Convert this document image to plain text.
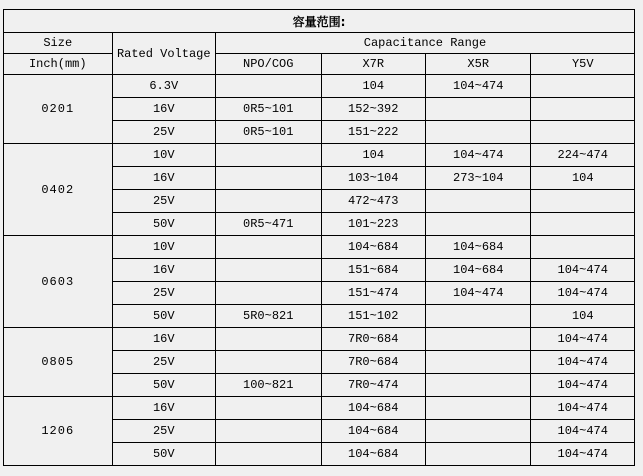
容量范围:					
Size	Rated Voltage	Capacitance Range			
Inch(mm)		NPO/COG	X7R	X5R	Y5V
0201	6.3V		104	104~474	
	16V	0R5~101	152~392		
	25V	0R5~101	151~222		
0402	10V		104	104~474	224~474
	16V		103~104	273~104	104
	25V		472~473		
	50V	0R5~471	101~223		
0603	10V		104~684	104~684	
	16V		151~684	104~684	104~474
	25V		151~474	104~474	104~474
	50V	5R0~821	151~102		104
0805	16V		7R0~684		104~474
	25V		7R0~684		104~474
	50V	100~821	7R0~474		104~474
1206	16V		104~684		104~474
	25V		104~684		104~474
	50V		104~684		104~474
